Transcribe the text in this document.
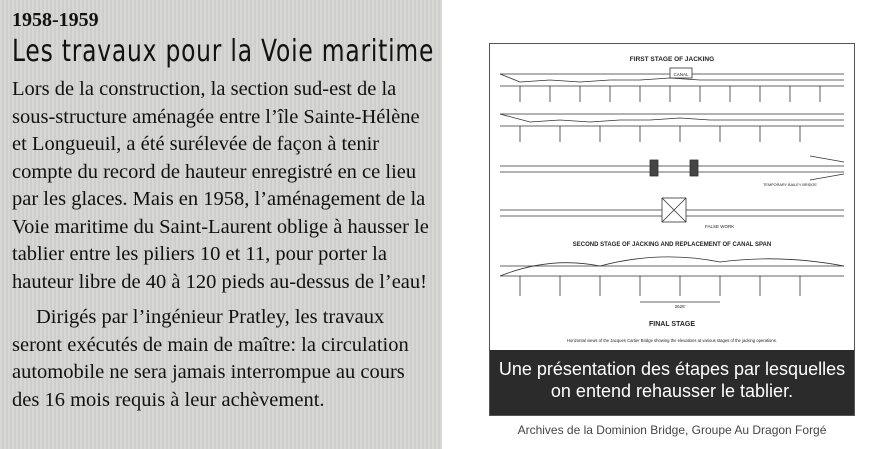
1958-1959

Les travaux pour la Voie maritime

Lors de la construction, la section sud-est de la sous-structure aménagée entre l’île Sainte-Hélène et Longueuil, a été surélevée de façon à tenir compte du record de hauteur enregistré en ce lieu par les glaces. Mais en 1958, l’aménagement de la Voie maritime du Saint-Laurent oblige à hausser le tablier entre les piliers 10 et 11, pour porter la hauteur libre de 40 à 120 pieds au-dessus de l’eau!

Dirigés par l’ingénieur Pratley, les travaux seront exécutés de main de maître: la circulation automobile ne sera jamais interrompue au cours des 16 mois requis à leur achèvement.

FIRST STAGE OF JACKING
CANAL
TEMPORARY BAILEY BRIDGE
FALSE WORK
SECOND STAGE OF JACKING AND REPLACEMENT OF CANAL SPAN
2625'
FINAL STAGE
Horizontal views of the Jacques Cartier Bridge showing the elevations at various stages of the jacking operations.
Une présentation des étapes par lesquelles on entend rehausser le tablier.
Archives de la Dominion Bridge, Groupe Au Dragon Forgé
